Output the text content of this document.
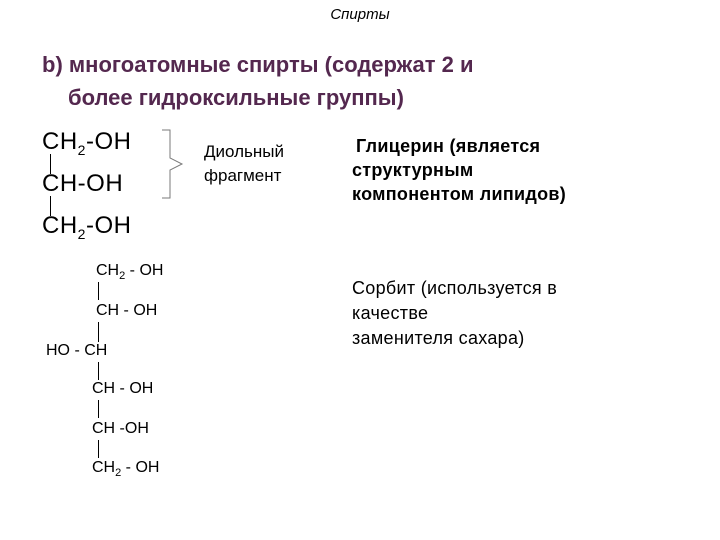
Спирты
b) многоатомные спирты (содержат 2 и
более гидроксильные группы)
$CH_2-OH$
CH-OH
$CH_2-OH$
Диольный
фрагмент
Глицерин (является
структурным
компонентом липидов)
$CH_2$ - OH
CH - OH
HO - CH
CH - OH
CH -OH
$CH_2$ - OH
Сорбит (используется в
качестве
заменителя сахара)
